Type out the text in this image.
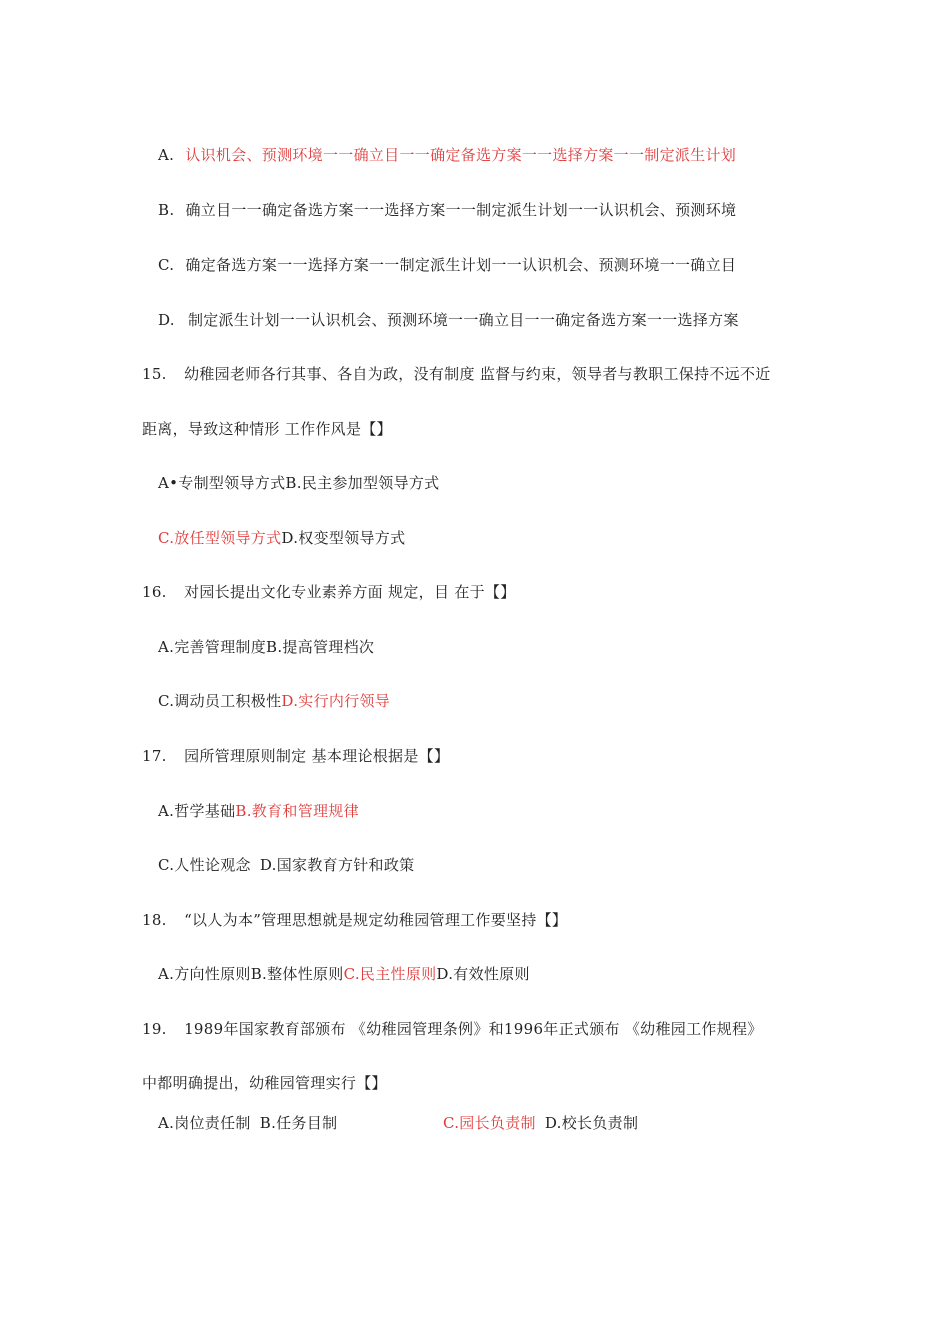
A. 认识机会、预测环境一一确立目一一确定备选方案一一选择方案一一制定派生计划
B. 确立目一一确定备选方案一一选择方案一一制定派生计划一一认识机会、预测环境
C. 确定备选方案一一选择方案一一制定派生计划一一认识机会、预测环境一一确立目
D. 制定派生计划一一认识机会、预测环境一一确立目一一确定备选方案一一选择方案
15. 幼稚园老师各行其事、各自为政，没有制度 监督与约束，领导者与教职工保持不远不近
距离，导致这种情形 工作作风是【】
A•专制型领导方式B.民主参加型领导方式
C.放任型领导方式D.权变型领导方式
16. 对园长提出文化专业素养方面 规定，目 在于【】
A.完善管理制度B.提高管理档次
C.调动员工积极性D.实行内行领导
17. 园所管理原则制定 基本理论根据是【】
A.哲学基础B.教育和管理规律
C.人性论观念 D.国家教育方针和政策
18. “以人为本”管理思想就是规定幼稚园管理工作要坚持【】
A.方向性原则B.整体性原则C.民主性原则D.有效性原则
19. 1989年国家教育部颁布 《幼稚园管理条例》和1996年正式颁布 《幼稚园工作规程》
中都明确提出，幼稚园管理实行【】
A.岗位责任制 B.任务目制	C.园长负责制 D.校长负责制
